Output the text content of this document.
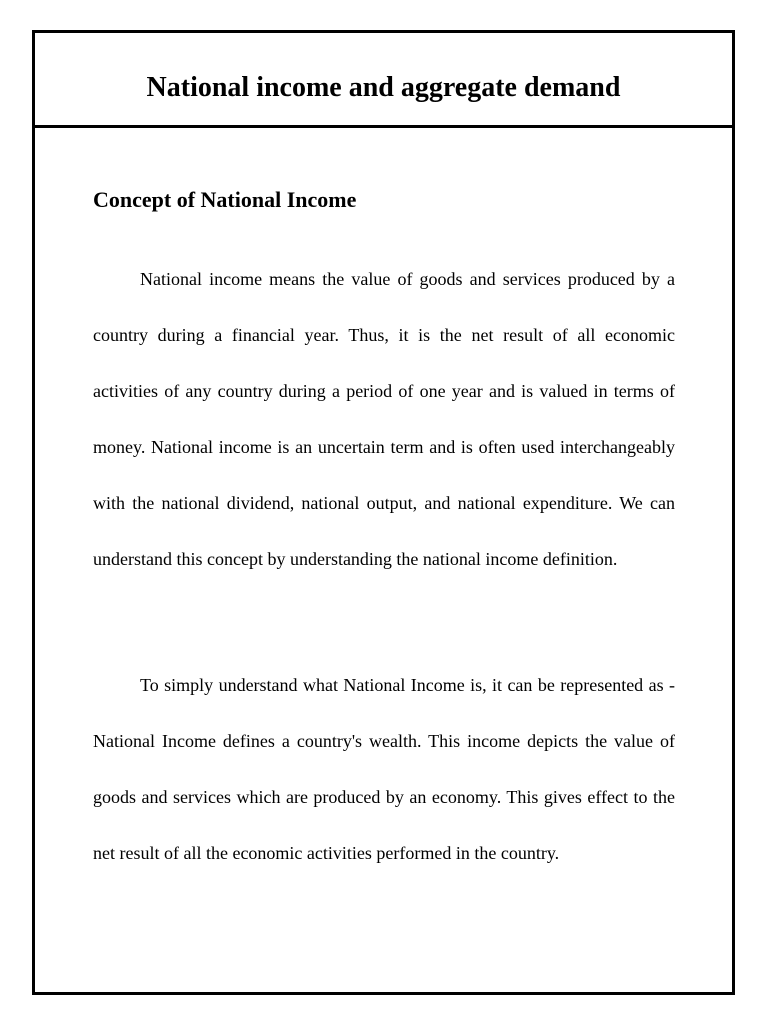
National income and aggregate demand
Concept of National Income

National income means the value of goods and services produced by a country during a financial year. Thus, it is the net result of all economic activities of any country during a period of one year and is valued in terms of money. National income is an uncertain term and is often used interchangeably with the national dividend, national output, and national expenditure. We can understand this concept by understanding the national income definition.

To simply understand what National Income is, it can be represented as - National Income defines a country's wealth. This income depicts the value of goods and services which are produced by an economy. This gives effect to the net result of all the economic activities performed in the country.
